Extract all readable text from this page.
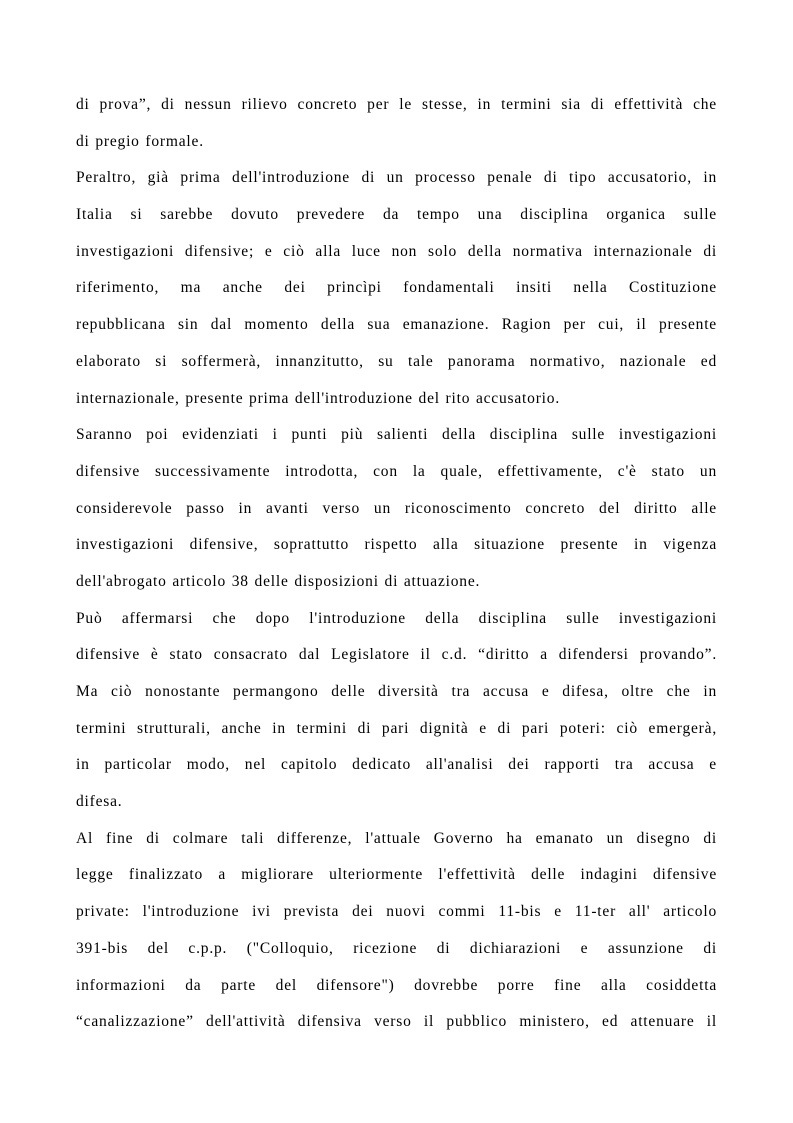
di prova”, di nessun rilievo concreto per le stesse, in termini sia di effettività che
di pregio formale.
Peraltro, già prima dell'introduzione di un processo penale di tipo accusatorio, in
Italia si sarebbe dovuto prevedere da tempo una disciplina organica sulle
investigazioni difensive; e ciò alla luce non solo della normativa internazionale di
riferimento, ma anche dei princìpi fondamentali insiti nella Costituzione
repubblicana sin dal momento della sua emanazione. Ragion per cui, il presente
elaborato si soffermerà, innanzitutto, su tale panorama normativo, nazionale ed
internazionale, presente prima dell'introduzione del rito accusatorio.
Saranno poi evidenziati i punti più salienti della disciplina sulle investigazioni
difensive successivamente introdotta, con la quale, effettivamente, c'è stato un
considerevole passo in avanti verso un riconoscimento concreto del diritto alle
investigazioni difensive, soprattutto rispetto alla situazione presente in vigenza
dell'abrogato articolo 38 delle disposizioni di attuazione.
Può affermarsi che dopo l'introduzione della disciplina sulle investigazioni
difensive è stato consacrato dal Legislatore il c.d. “diritto a difendersi provando”.
Ma ciò nonostante permangono delle diversità tra accusa e difesa, oltre che in
termini strutturali, anche in termini di pari dignità e di pari poteri: ciò emergerà,
in particolar modo, nel capitolo dedicato all'analisi dei rapporti tra accusa e
difesa.
Al fine di colmare tali differenze, l'attuale Governo ha emanato un disegno di
legge finalizzato a migliorare ulteriormente l'effettività delle indagini difensive
private: l'introduzione ivi prevista dei nuovi commi 11-bis e 11-ter all' articolo
391-bis del c.p.p. ("Colloquio, ricezione di dichiarazioni e assunzione di
informazioni da parte del difensore") dovrebbe porre fine alla cosiddetta
“canalizzazione” dell'attività difensiva verso il pubblico ministero, ed attenuare il
